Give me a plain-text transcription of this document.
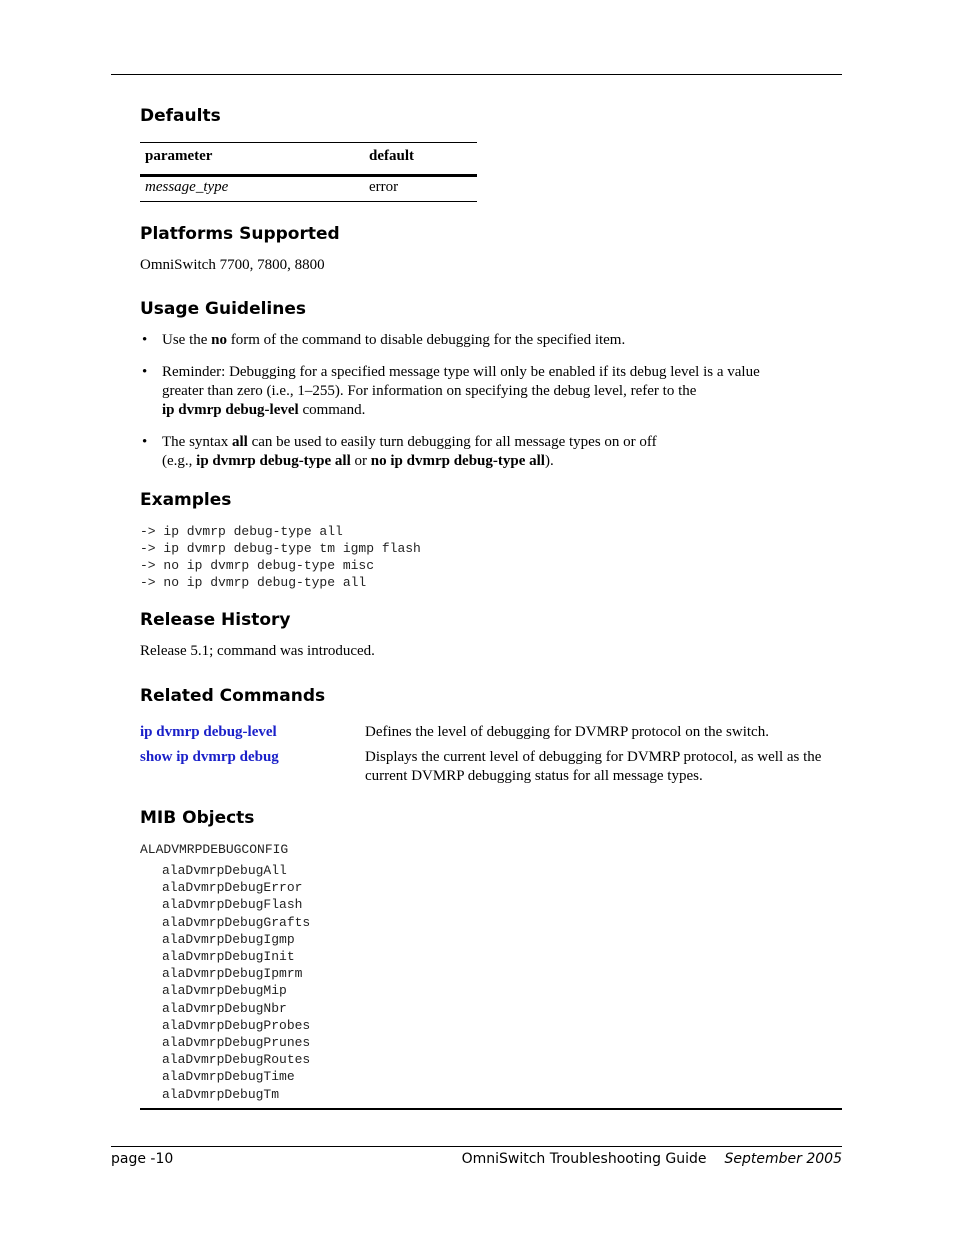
Defaults
parameter	default
message_type	error
Platforms Supported

OmniSwitch 7700, 7800, 8800

Usage Guidelines
• Use the no form of the command to disable debugging for the specified item.
• Reminder: Debugging for a specified message type will only be enabled if its debug level is a value
greater than zero (i.e., 1–255). For information on specifying the debug level, refer to the
ip dvmrp debug-level command.
• The syntax all can be used to easily turn debugging for all message types on or off
(e.g., ip dvmrp debug-type all or no ip dvmrp debug-type all).
Examples
-> ip dvmrp debug-type all
-> ip dvmrp debug-type tm igmp flash
-> no ip dvmrp debug-type misc
-> no ip dvmrp debug-type all
Release History

Release 5.1; command was introduced.

Related Commands
ip dvmrp debug-level	Defines the level of debugging for DVMRP protocol on the switch.
show ip dvmrp debug	Displays the current level of debugging for DVMRP protocol, as well as the current DVMRP debugging status for all message types.
MIB Objects
ALADVMRPDEBUGCONFIG
alaDvmrpDebugAll
alaDvmrpDebugError
alaDvmrpDebugFlash
alaDvmrpDebugGrafts
alaDvmrpDebugIgmp
alaDvmrpDebugInit
alaDvmrpDebugIpmrm
alaDvmrpDebugMip
alaDvmrpDebugNbr
alaDvmrpDebugProbes
alaDvmrpDebugPrunes
alaDvmrpDebugRoutes
alaDvmrpDebugTime
alaDvmrpDebugTm
page -10	OmniSwitch Troubleshooting Guide September 2005
